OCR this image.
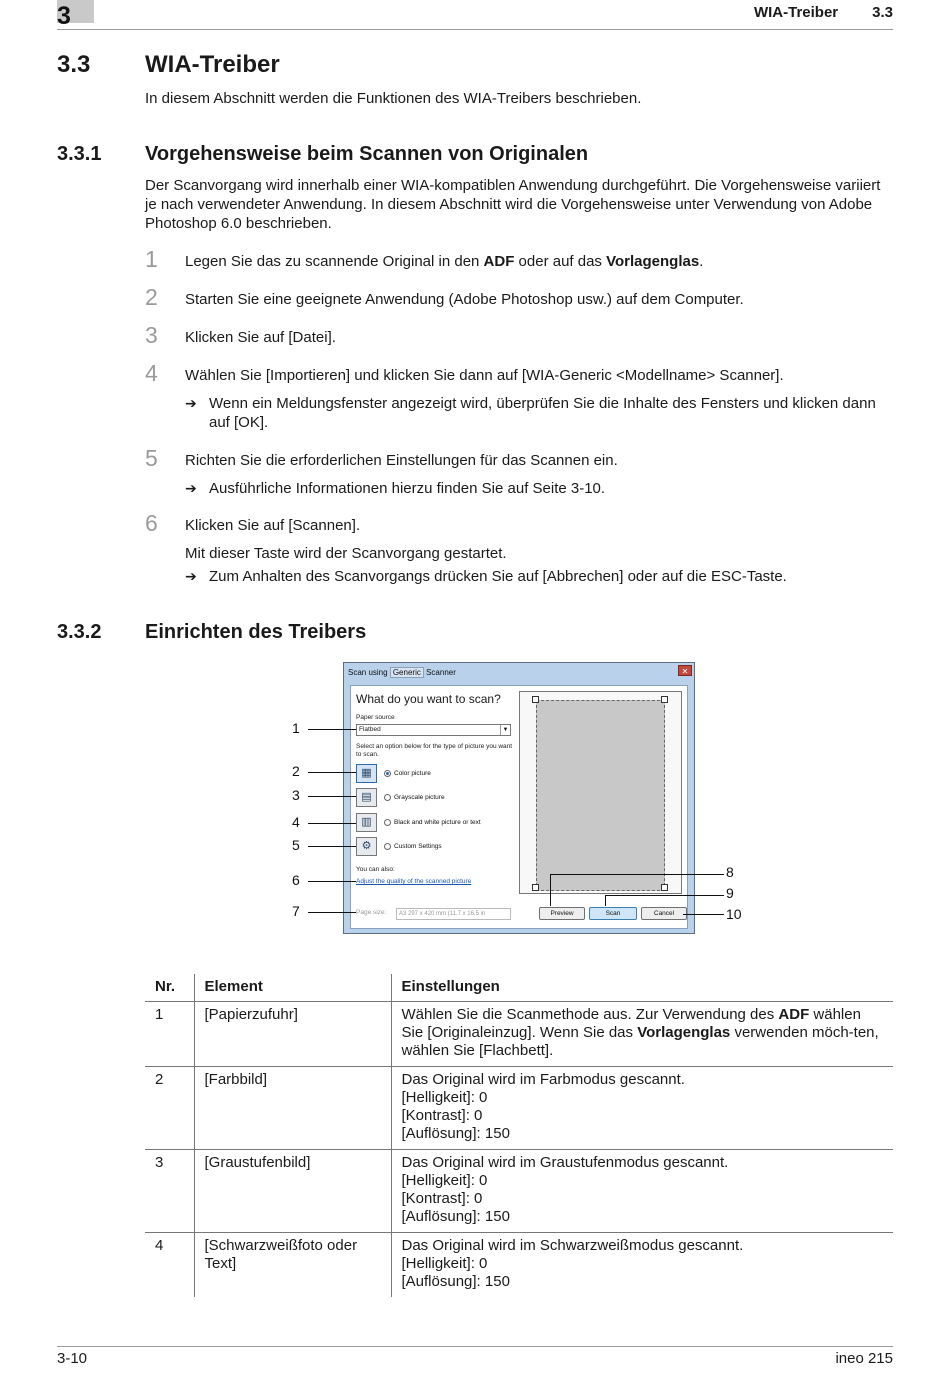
3	WIA-Treiber 3.3
3.3 WIA-Treiber
In diesem Abschnitt werden die Funktionen des WIA-Treibers beschrieben.
3.3.1 Vorgehensweise beim Scannen von Originalen
Der Scanvorgang wird innerhalb einer WIA-kompatiblen Anwendung durchgeführt. Die Vorgehensweise variiert je nach verwendeter Anwendung. In diesem Abschnitt wird die Vorgehensweise unter Verwendung von Adobe Photoshop 6.0 beschrieben.
1 Legen Sie das zu scannende Original in den ADF oder auf das Vorlagenglas.
2 Starten Sie eine geeignete Anwendung (Adobe Photoshop usw.) auf dem Computer.
3 Klicken Sie auf [Datei].
4 Wählen Sie [Importieren] und klicken Sie dann auf [WIA-Generic <Modellname> Scanner].
➔ Wenn ein Meldungsfenster angezeigt wird, überprüfen Sie die Inhalte des Fensters und klicken dann auf [OK].
5 Richten Sie die erforderlichen Einstellungen für das Scannen ein.
➔ Ausführliche Informationen hierzu finden Sie auf Seite 3-10.
6 Klicken Sie auf [Scannen].
Mit dieser Taste wird der Scanvorgang gestartet.
➔ Zum Anhalten des Scanvorgangs drücken Sie auf [Abbrechen] oder auf die ESC-Taste.
3.3.2 Einrichten des Treibers
Scan using Generic Scanner	✕
What do you want to scan?
Paper source
Flatbed	▼
Select an option below for the type of picture you want to scan.
▦	Color picture
▤	Grayscale picture
▥	Black and white picture or text
⚙	Custom Settings
You can also:
Adjust the quality of the scanned picture
Page size:	A3 297 x 420 mm (11.7 x 16.5 in	Preview	Scan	Cancel
1
2
3
4
5
6
7
8
9
10
Nr.	Element	Einstellungen
1	[Papierzufuhr]	Wählen Sie die Scanmethode aus. Zur Verwendung des ADF wählen Sie [Originaleinzug]. Wenn Sie das Vorlagenglas verwenden möch-ten, wählen Sie [Flachbett].
2	[Farbbild]	Das Original wird im Farbmodus gescannt.
[Helligkeit]: 0
[Kontrast]: 0
[Auflösung]: 150

3	[Graustufenbild]	Das Original wird im Graustufenmodus gescannt.
[Helligkeit]: 0
[Kontrast]: 0
[Auflösung]: 150

4	[Schwarzweißfoto oder Text]	Das Original wird im Schwarzweißmodus gescannt.
[Helligkeit]: 0
[Auflösung]: 150
3-10	ineo 215
